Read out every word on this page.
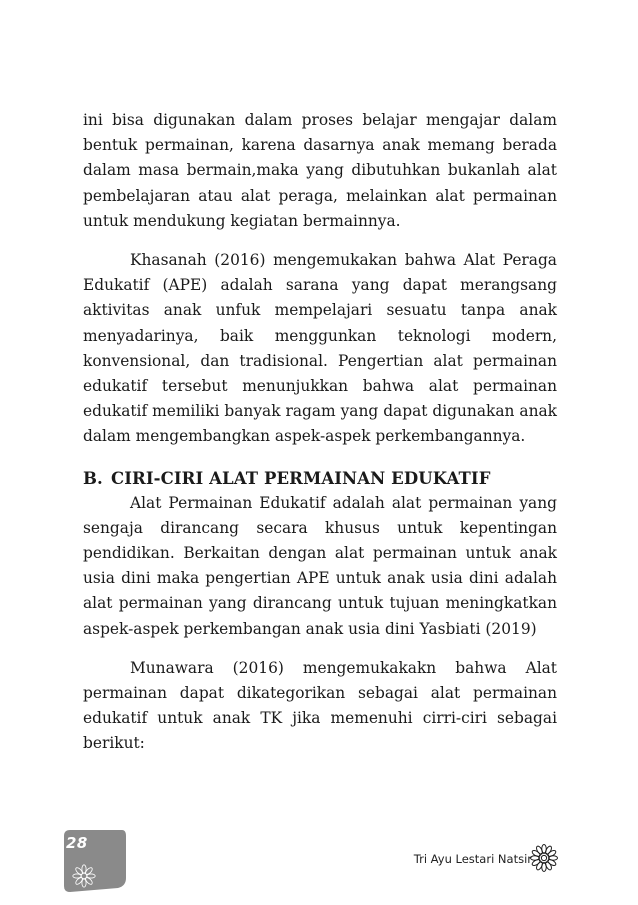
ini bisa digunakan dalam proses belajar mengajar dalam bentuk permainan, karena dasarnya anak memang berada dalam masa bermain,maka yang dibutuhkan bukanlah alat pembelajaran atau alat peraga, melainkan alat permainan untuk mendukung kegiatan bermainnya.

Khasanah (2016) mengemukakan bahwa Alat Peraga Edukatif (APE) adalah sarana yang dapat merangsang aktivitas anak unfuk mempelajari sesuatu tanpa anak menyadarinya, baik menggunkan teknologi modern, konvensional, dan tradisional. Pengertian alat permainan edukatif tersebut menunjukkan bahwa alat permainan edukatif memiliki banyak ragam yang dapat digunakan anak dalam mengembangkan aspek-aspek perkembangannya.

B. CIRI-CIRI ALAT PERMAINAN EDUKATIF

Alat Permainan Edukatif adalah alat permainan yang sengaja dirancang secara khusus untuk kepentingan pendidikan. Berkaitan dengan alat permainan untuk anak usia dini maka pengertian APE untuk anak usia dini adalah alat permainan yang dirancang untuk tujuan meningkatkan aspek-aspek perkembangan anak usia dini Yasbiati (2019)

Munawara (2016) mengemukakakn bahwa Alat permainan dapat dikategorikan sebagai alat permainan edukatif untuk anak TK jika memenuhi cirri-ciri sebagai berikut:

28
Tri Ayu Lestari Natsir
